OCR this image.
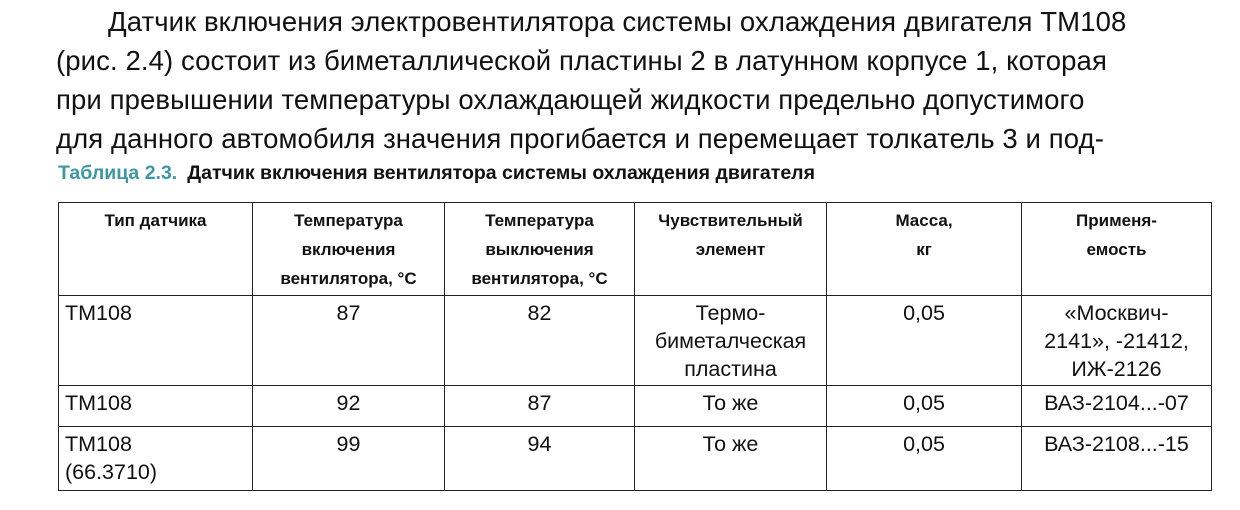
Датчик включения электровентилятора системы охлаждения двигателя ТМ108
(рис. 2.4) состоит из биметаллической пластины 2 в латунном корпусе 1, которая
при превышении температуры охлаждающей жидкости предельно допустимого
для данного автомобиля значения прогибается и перемещает толкатель 3 и под-
Таблица 2.3. Датчик включения вентилятора системы охлаждения двигателя
Тип датчика	Температура
включения
вентилятора, °С	Температура
выключения
вентилятора, °С	Чувствительный
элемент	Масса,
кг	Применя-
емость
ТМ108	87	82	Термо-
биметалческая
пластина	0,05	«Москвич-
2141», -21412,
ИЖ-2126
ТМ108	92	87	То же	0,05	ВАЗ-2104...-07
ТМ108
(66.3710)	99	94	То же	0,05	ВАЗ-2108...-15
